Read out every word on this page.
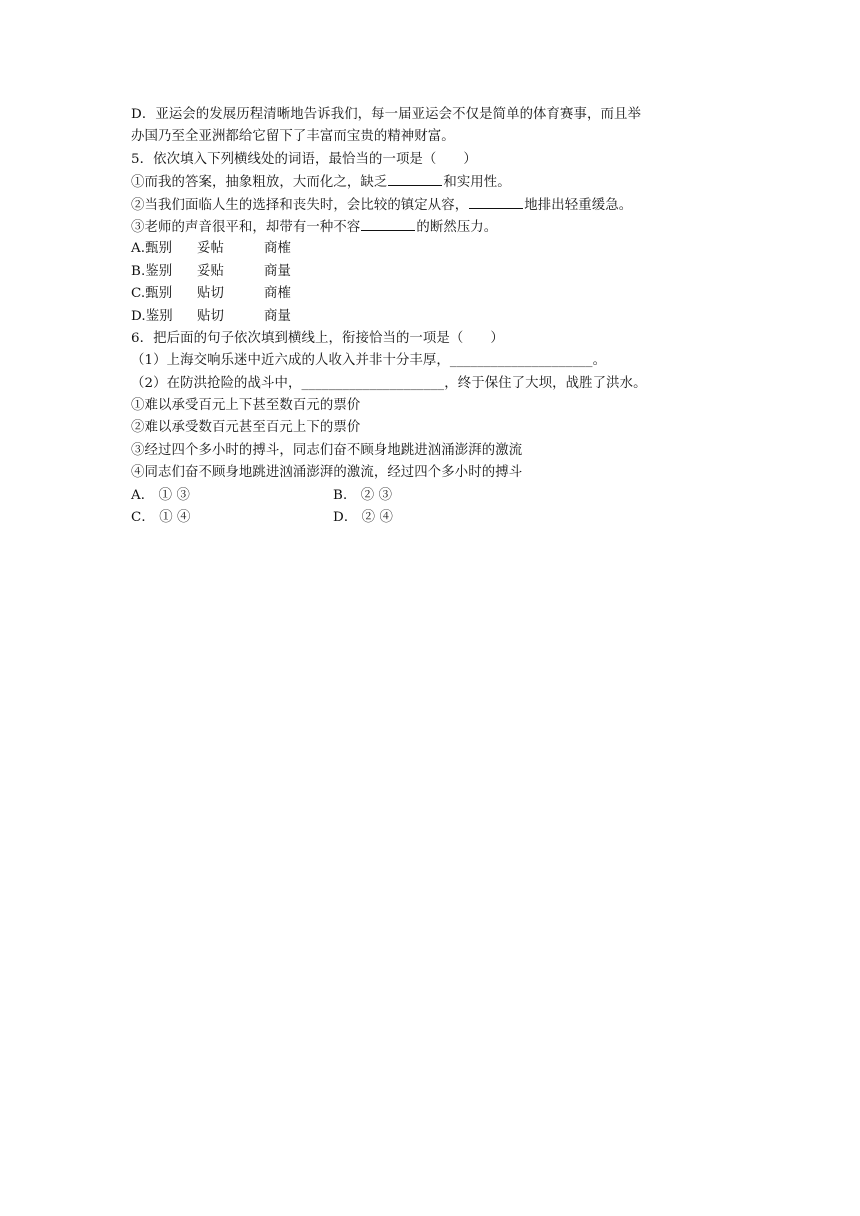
D．亚运会的发展历程清晰地告诉我们，每一届亚运会不仅是简单的体育赛事，而且举
办国乃至全亚洲都给它留下了丰富而宝贵的精神财富。
5．依次填入下列横线处的词语，最恰当的一项是（　　）
①而我的答案，抽象粗放，大而化之，缺乏	和实用性。
②当我们面临人生的选择和丧失时，会比较的镇定从容，	地排出轻重缓急。
③老师的声音很平和，却带有一种不容	的断然压力。
A.甄别	妥帖	商榷
B.鉴别	妥贴	商量
C.甄别	贴切	商榷
D.鉴别	贴切	商量
6．把后面的句子依次填到横线上，衔接恰当的一项是（　　）
（1）上海交响乐迷中近六成的人收入并非十分丰厚，_____________________。
（2）在防洪抢险的战斗中，_____________________，终于保住了大坝，战胜了洪水。
①难以承受百元上下甚至数百元的票价
②难以承受数百元甚至百元上下的票价
③经过四个多小时的搏斗，同志们奋不顾身地跳进汹涌澎湃的激流
④同志们奋不顾身地跳进汹涌澎湃的激流，经过四个多小时的搏斗
A． ① ③	B． ② ③
C． ① ④	D． ② ④
